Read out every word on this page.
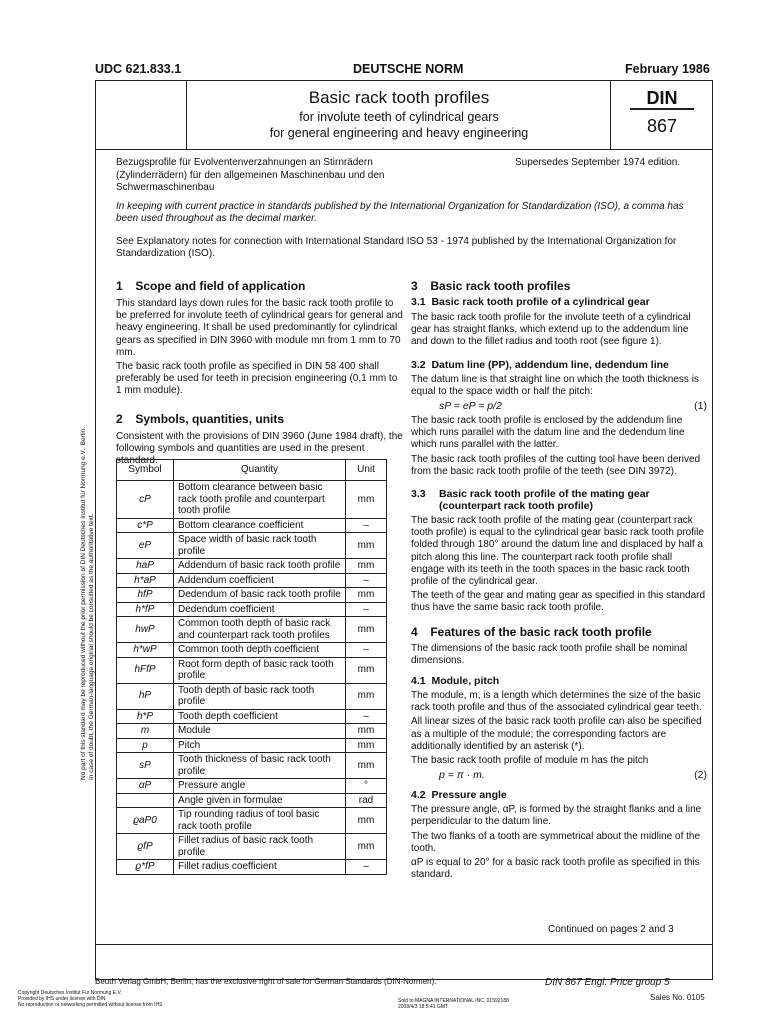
UDC 621.833.1	DEUTSCHE NORM	February 1986
Basic rack tooth profiles
for involute teeth of cylindrical gears
for general engineering and heavy engineering
DIN
867
Bezugsprofile für Evolventenverzahnungen an Stirnrädern (Zylinderrädern) für den allgemeinen Maschinenbau und den Schwermaschinenbau
Supersedes September 1974 edition.
In keeping with current practice in standards published by the International Organization for Standardization (ISO), a comma has been used throughout as the decimal marker.
See Explanatory notes for connection with International Standard ISO 53 - 1974 published by the International Organization for Standardization (ISO).
1 Scope and field of application

This standard lays down rules for the basic rack tooth profile to be preferred for involute teeth of cylindrical gears for general and heavy engineering. It shall be used predominantly for cylindrical gears as specified in DIN 3960 with module mn from 1 mm to 70 mm.

The basic rack tooth profile as specified in DIN 58 400 shall preferably be used for teeth in precision engineering (0,1 mm to 1 mm module).

2 Symbols, quantities, units

Consistent with the provisions of DIN 3960 (June 1984 draft), the following symbols and quantities are used in the present standard.

Symbol	Quantity	Unit
cP	Bottom clearance between basic rack tooth profile and counterpart tooth profile	mm
c*P	Bottom clearance coefficient	–
eP	Space width of basic rack tooth profile	mm
haP	Addendum of basic rack tooth profile	mm
h*aP	Addendum coefficient	–
hfP	Dedendum of basic rack tooth profile	mm
h*fP	Dedendum coefficient	–
hwP	Common tooth depth of basic rack and counterpart rack tooth profiles	mm
h*wP	Common tooth depth coefficient	–
hFfP	Root form depth of basic rack tooth profile	mm
hP	Tooth depth of basic rack tooth profile	mm
h*P	Tooth depth coefficient	–
m	Module	mm
p	Pitch	mm
sP	Tooth thickness of basic rack tooth profile	mm
αP	Pressure angle	°
	Angle given in formulae	rad
ϱaP0	Tip rounding radius of tool basic rack tooth profile	mm
ϱfP	Fillet radius of basic rack tooth profile	mm
ϱ*fP	Fillet radius coefficient	–
3 Basic rack tooth profiles
3.1 Basic rack tooth profile of a cylindrical gear

The basic rack tooth profile for the involute teeth of a cylindrical gear has straight flanks, which extend up to the addendum line and down to the fillet radius and tooth root (see figure 1).

3.2 Datum line (PP), addendum line, dedendum line

The datum line is that straight line on which the tooth thickness is equal to the space width or half the pitch:

sP = eP = p/2	(1)

The basic rack tooth profile is enclosed by the addendum line which runs parallel with the datum line and the dedendum line which runs parallel with the latter.

The basic rack tooth profiles of the cutting tool have been derived from the basic rack tooth profile of the teeth (see DIN 3972).

3.3	Basic rack tooth profile of the mating gear (counterpart rack tooth profile)

The basic rack tooth profile of the mating gear (counterpart rack tooth profile) is equal to the cylindrical gear basic rack tooth profile folded through 180° around the datum line and displaced by half a pitch along this line. The counterpart rack tooth profile shall engage with its teeth in the tooth spaces in the basic rack tooth profile of the cylindrical gear.

The teeth of the gear and mating gear as specified in this standard thus have the same basic rack tooth profile.

4 Features of the basic rack tooth profile

The dimensions of the basic rack tooth profile shall be nominal dimensions.

4.1 Module, pitch

The module, m, is a length which determines the size of the basic rack tooth profile and thus of the associated cylindrical gear teeth.

All linear sizes of the basic rack tooth profile can also be specified as a multiple of the module; the corresponding factors are additionally identified by an asterisk (*).

The basic rack tooth profile of module m has the pitch

p = π · m.	(2)
4.2 Pressure angle

The pressure angle, αP, is formed by the straight flanks and a line perpendicular to the datum line.

The two flanks of a tooth are symmetrical about the midline of the tooth.

αP is equal to 20° for a basic rack tooth profile as specified in this standard.

Continued on pages 2 and 3
No part of this standard may be reproduced without the prior permission of DIN Deutsches Institut für Normung e.V., Berlin. In case of doubt, the German-language original should be consulted as the authoritative text.
Beuth Verlag GmbH, Berlin, has the exclusive right of sale for German Standards (DIN-Normen).	DIN 867 Engl. Price group 5
Sales No. 0105
Copyright Deutsches Institut Fur Normung E.V.
Provided by IHS under license with DIN
No reproduction or networking permitted without license from IHS
Sold to:MAGNA INTERNATIONAL INC, 01592188
2008/4/3 18:5:41 GMT
